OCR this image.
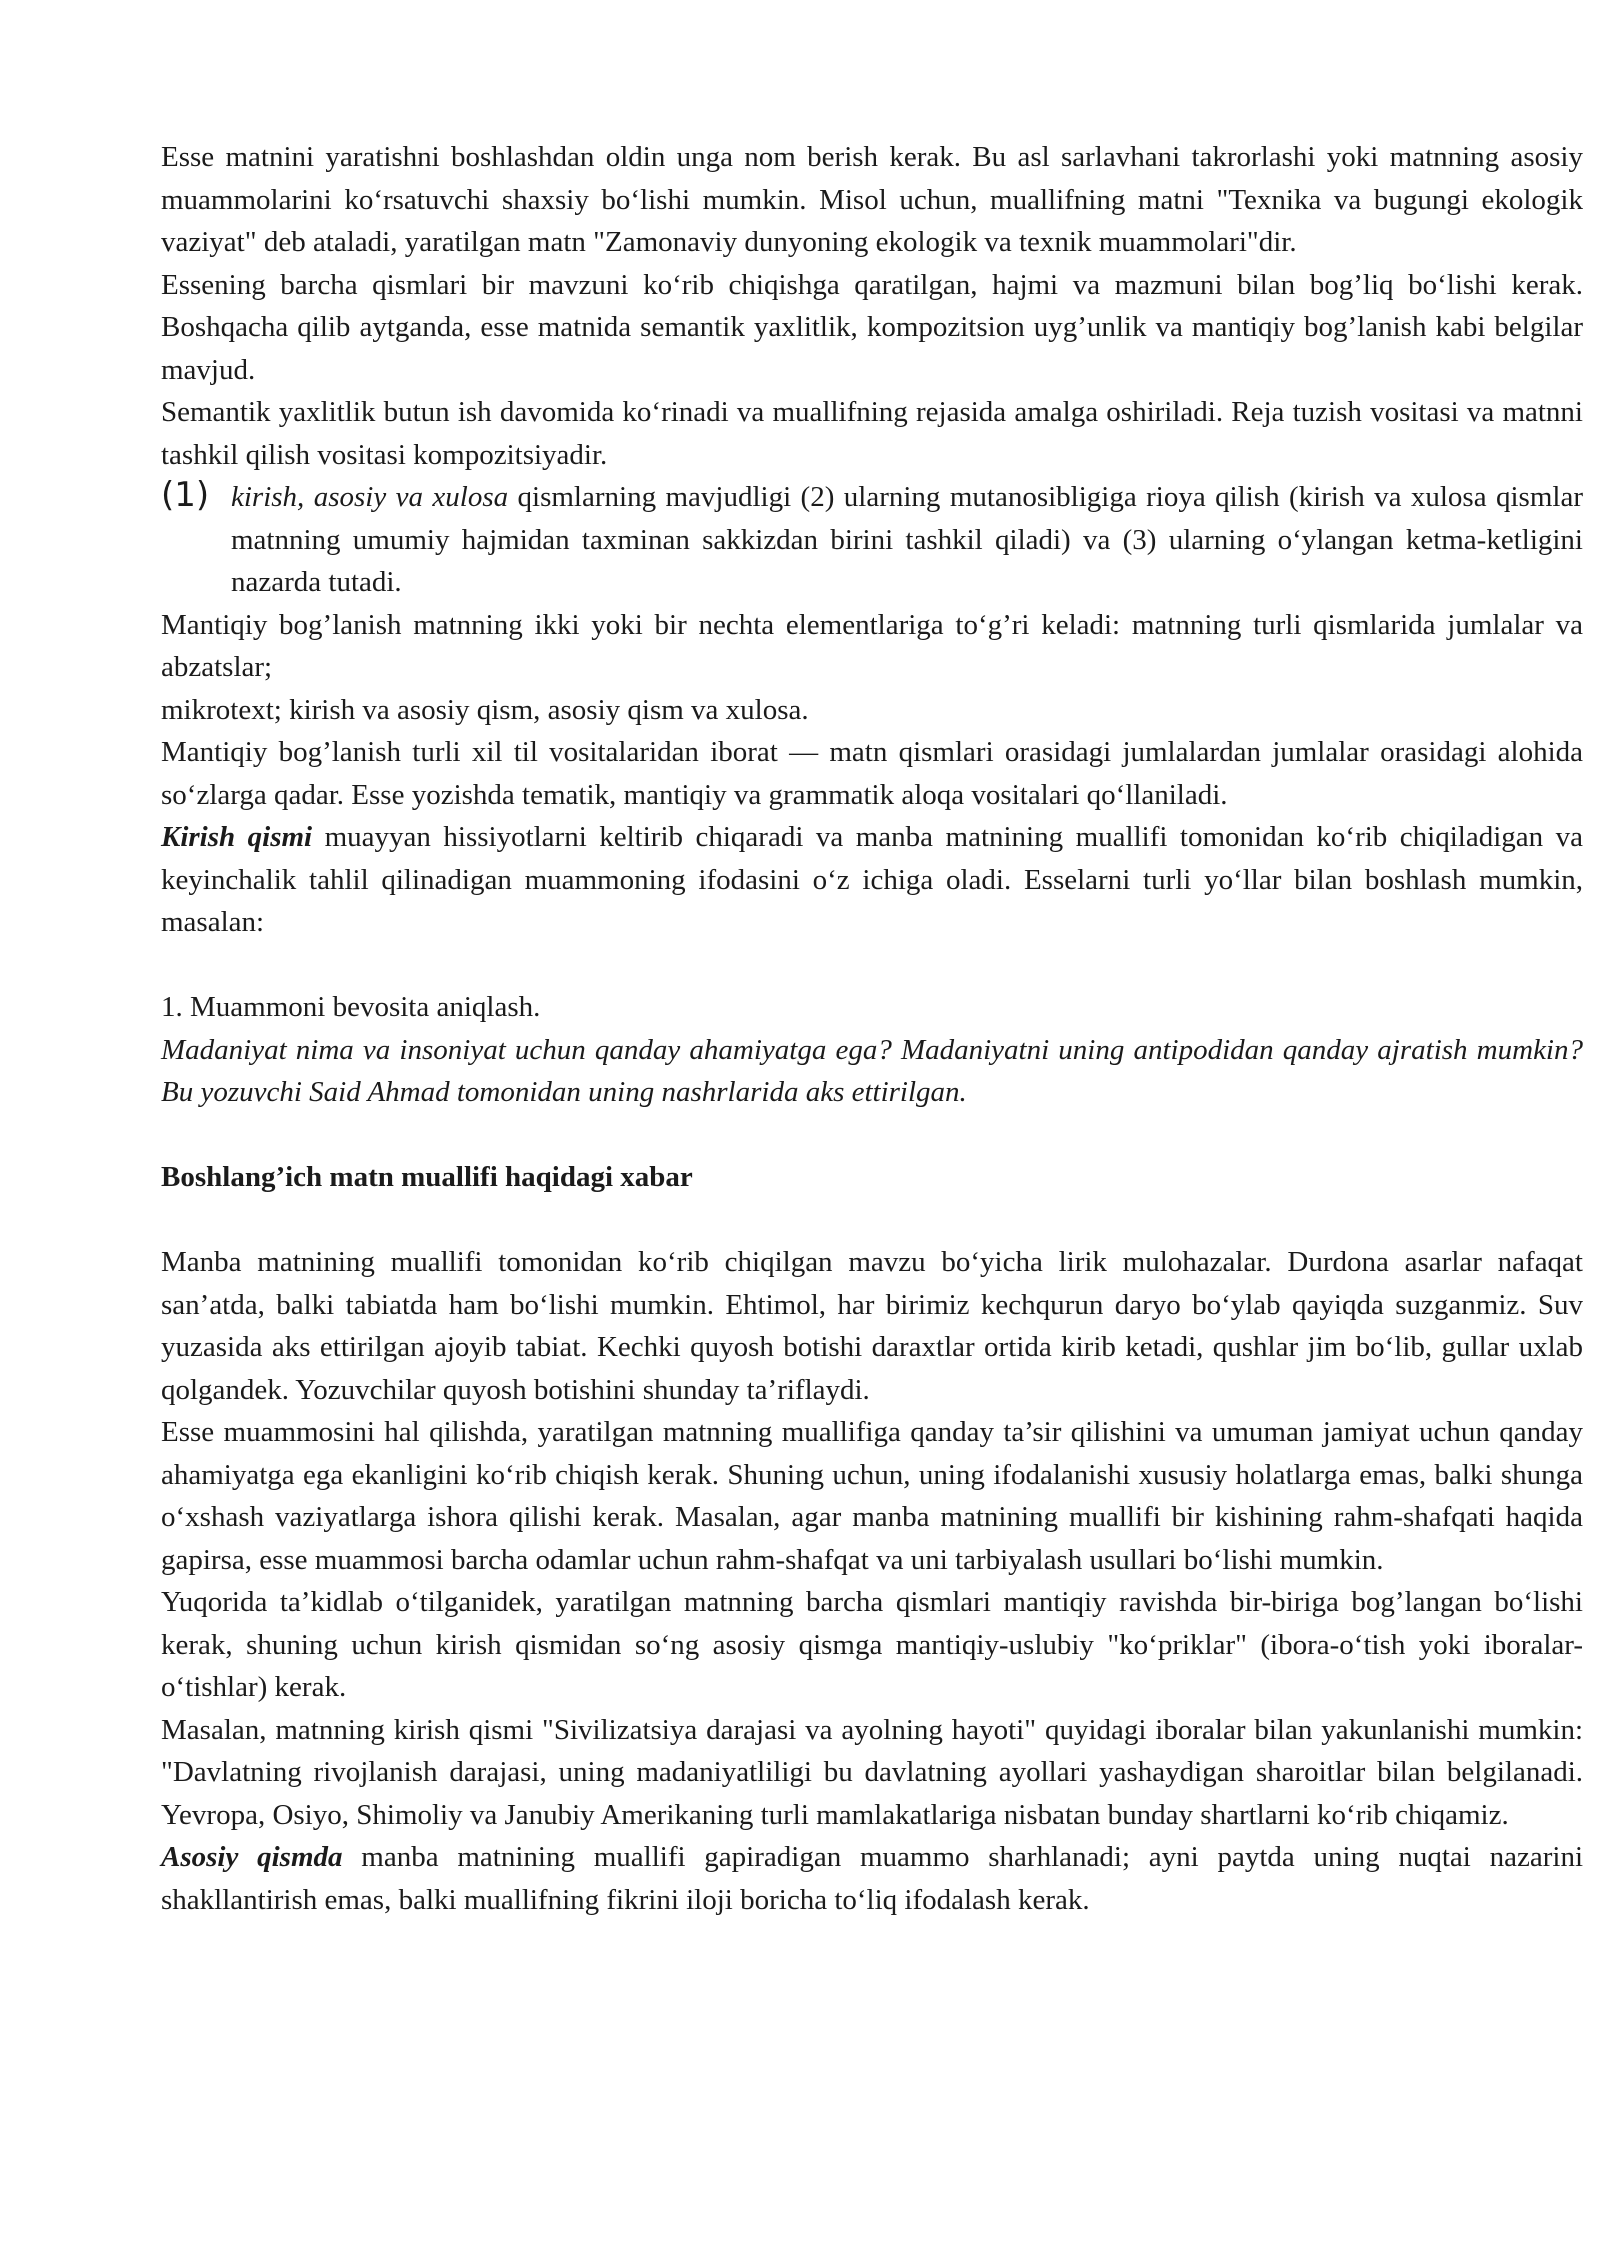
Esse matnini yaratishni boshlashdan oldin unga nom berish kerak. Bu asl sarlavhani takrorlashi yoki matnning asosiy muammolarini ko‘rsatuvchi shaxsiy bo‘lishi mumkin. Misol uchun, muallifning matni "Texnika va bugungi ekologik vaziyat" deb ataladi, yaratilgan matn "Zamonaviy dunyoning ekologik va texnik muammolari"dir.

Essening barcha qismlari bir mavzuni ko‘rib chiqishga qaratilgan, hajmi va mazmuni bilan bog’liq bo‘lishi kerak. Boshqacha qilib aytganda, esse matnida semantik yaxlitlik, kompozitsion uyg’unlik va mantiqiy bog’lanish kabi belgilar mavjud.

Semantik yaxlitlik butun ish davomida ko‘rinadi va muallifning rejasida amalga oshiriladi. Reja tuzish vositasi va matnni tashkil qilish vositasi kompozitsiyadir.

(1) kirish, asosiy va xulosa qismlarning mavjudligi (2) ularning mutanosibligiga rioya qilish (kirish va xulosa qismlar matnning umumiy hajmidan taxminan sakkizdan birini tashkil qiladi) va (3) ularning o‘ylangan ketma-ketligini nazarda tutadi.

Mantiqiy bog’lanish matnning ikki yoki bir nechta elementlariga to‘g’ri keladi: matnning turli qismlarida jumlalar va abzatslar;

mikrotext; kirish va asosiy qism, asosiy qism va xulosa.

Mantiqiy bog’lanish turli xil til vositalaridan iborat — matn qismlari orasidagi jumlalardan jumlalar orasidagi alohida so‘zlarga qadar. Esse yozishda tematik, mantiqiy va grammatik aloqa vositalari qo‘llaniladi.

Kirish qismi muayyan hissiyotlarni keltirib chiqaradi va manba matnining muallifi tomonidan ko‘rib chiqiladigan va keyinchalik tahlil qilinadigan muammoning ifodasini o‘z ichiga oladi. Esselarni turli yo‘llar bilan boshlash mumkin, masalan:

1. Muammoni bevosita aniqlash.

Madaniyat nima va insoniyat uchun qanday ahamiyatga ega? Madaniyatni uning antipodidan qanday ajratish mumkin? Bu yozuvchi Said Ahmad tomonidan uning nashrlarida aks ettirilgan.

Boshlang’ich matn muallifi haqidagi xabar

Manba matnining muallifi tomonidan ko‘rib chiqilgan mavzu bo‘yicha lirik mulohazalar. Durdona asarlar nafaqat san’atda, balki tabiatda ham bo‘lishi mumkin. Ehtimol, har birimiz kechqurun daryo bo‘ylab qayiqda suzganmiz. Suv yuzasida aks ettirilgan ajoyib tabiat. Kechki quyosh botishi daraxtlar ortida kirib ketadi, qushlar jim bo‘lib, gullar uxlab qolgandek. Yozuvchilar quyosh botishini shunday ta’riflaydi.

Esse muammosini hal qilishda, yaratilgan matnning muallifiga qanday ta’sir qilishini va umuman jamiyat uchun qanday ahamiyatga ega ekanligini ko‘rib chiqish kerak. Shuning uchun, uning ifodalanishi xususiy holatlarga emas, balki shunga o‘xshash vaziyatlarga ishora qilishi kerak. Masalan, agar manba matnining muallifi bir kishining rahm-shafqati haqida gapirsa, esse muammosi barcha odamlar uchun rahm-shafqat va uni tarbiyalash usullari bo‘lishi mumkin.

Yuqorida ta’kidlab o‘tilganidek, yaratilgan matnning barcha qismlari mantiqiy ravishda bir-biriga bog’langan bo‘lishi kerak, shuning uchun kirish qismidan so‘ng asosiy qismga mantiqiy-uslubiy "ko‘priklar" (ibora-o‘tish yoki iboralar-o‘tishlar) kerak.

Masalan, matnning kirish qismi "Sivilizatsiya darajasi va ayolning hayoti" quyidagi iboralar bilan yakunlanishi mumkin: "Davlatning rivojlanish darajasi, uning madaniyatliligi bu davlatning ayollari yashaydigan sharoitlar bilan belgilanadi. Yevropa, Osiyo, Shimoliy va Janubiy Amerikaning turli mamlakatlariga nisbatan bunday shartlarni ko‘rib chiqamiz.

Asosiy qismda manba matnining muallifi gapiradigan muammo sharhlanadi; ayni paytda uning nuqtai nazarini shakllantirish emas, balki muallifning fikrini iloji boricha to‘liq ifodalash kerak.
